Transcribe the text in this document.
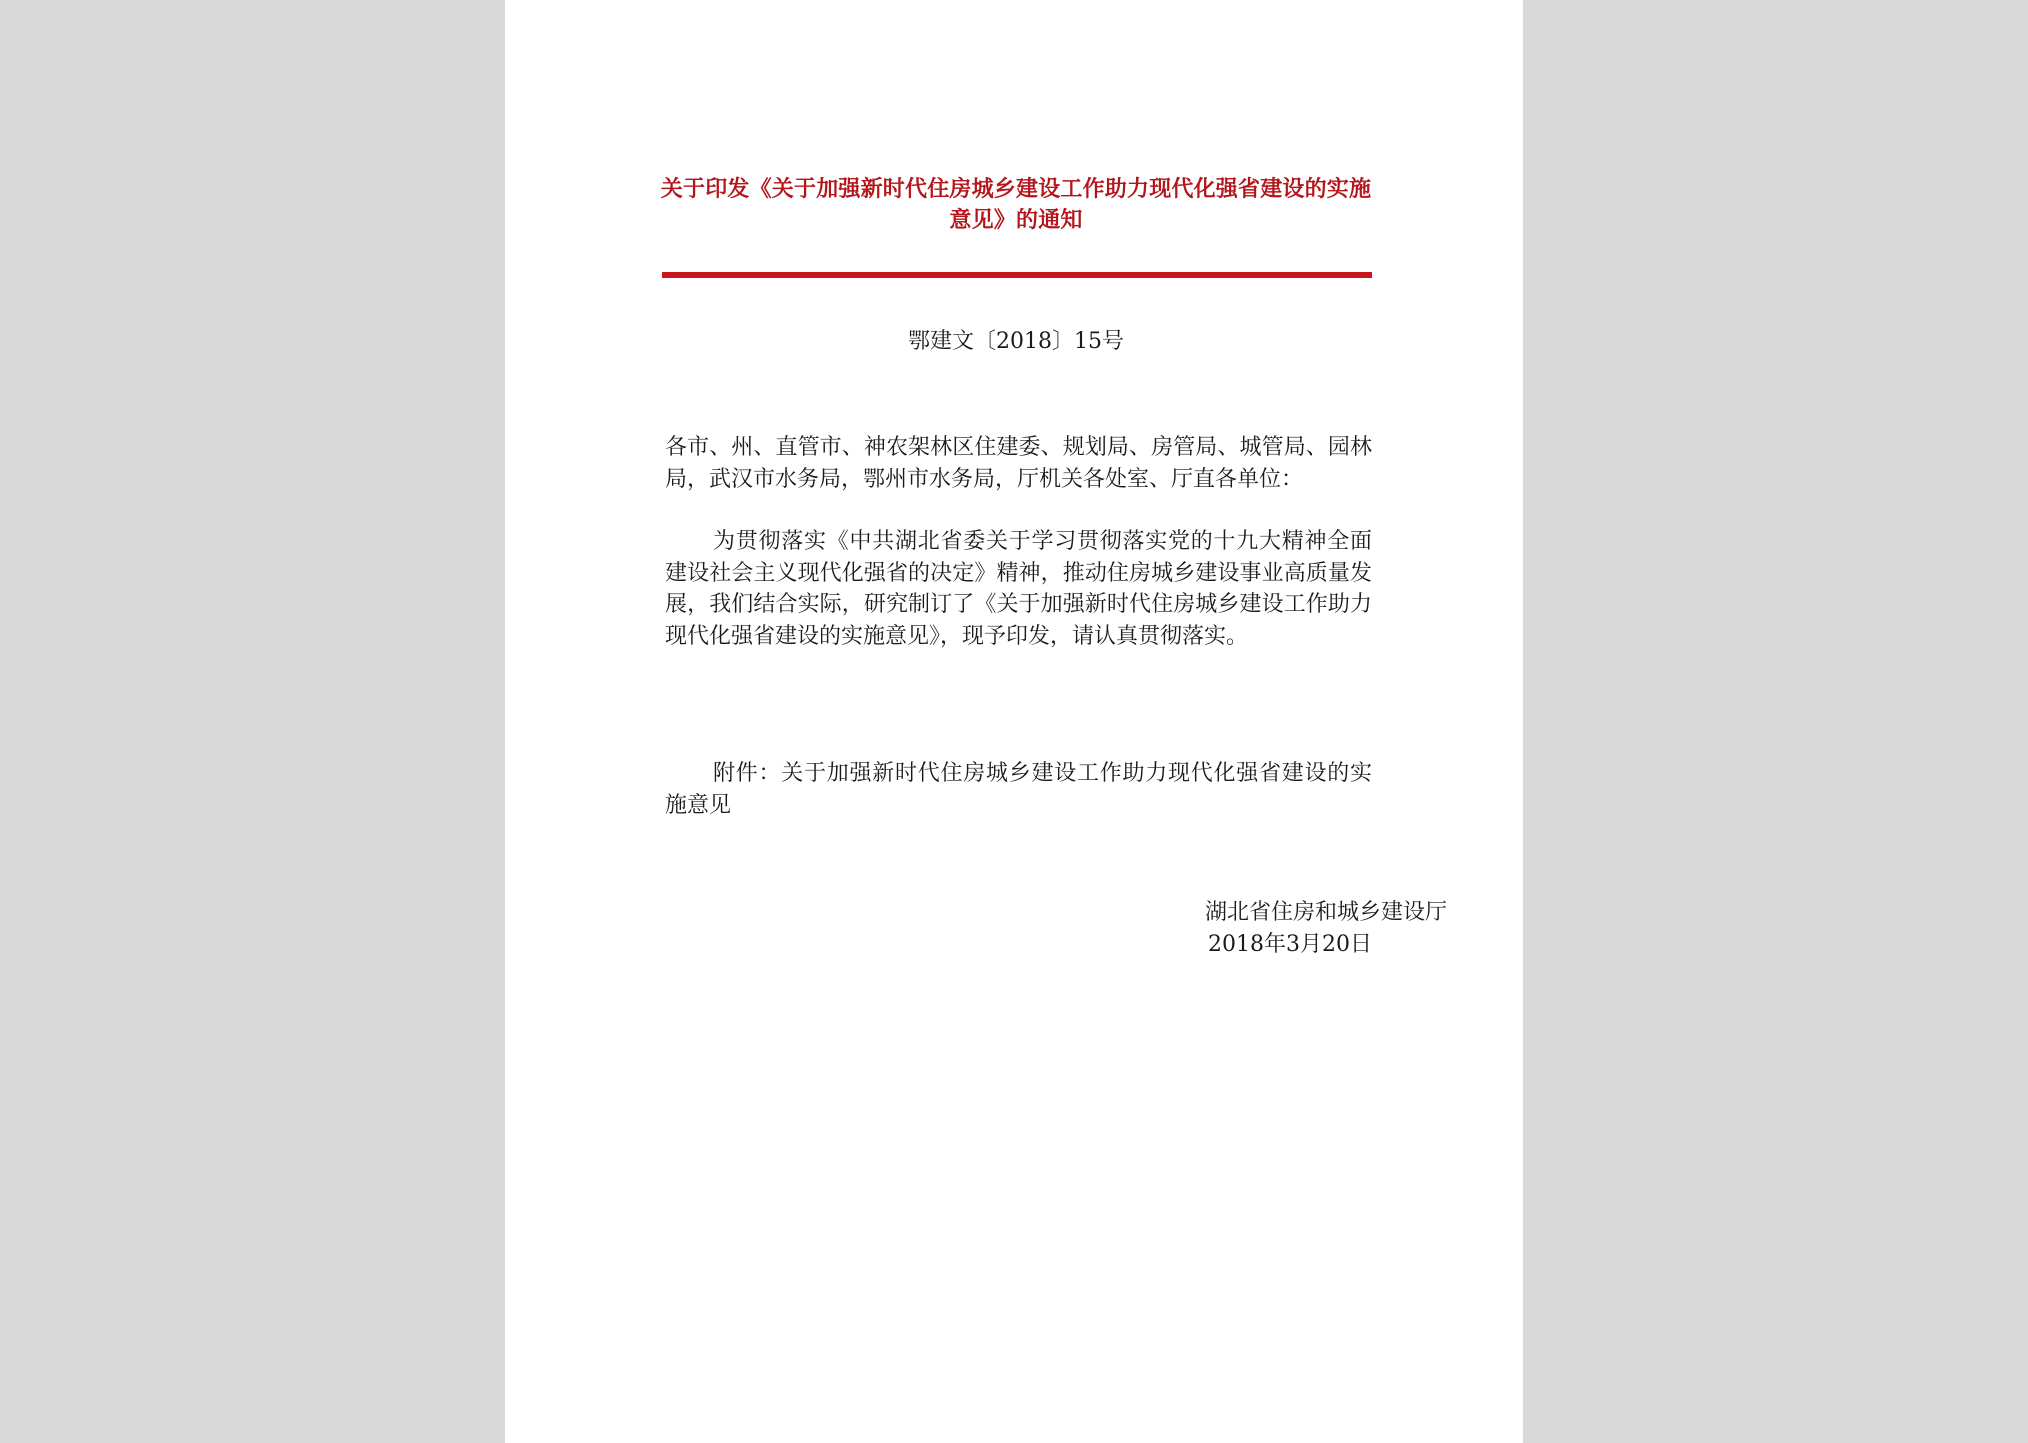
关于印发《关于加强新时代住房城乡建设工作助力现代化强省建设的实施意见》的通知
鄂建文〔2018〕15号
各市、州、直管市、神农架林区住建委、规划局、房管局、城管局、园林局，武汉市水务局，鄂州市水务局，厅机关各处室、厅直各单位：
为贯彻落实《中共湖北省委关于学习贯彻落实党的十九大精神全面建设社会主义现代化强省的决定》精神，推动住房城乡建设事业高质量发展，我们结合实际，研究制订了《关于加强新时代住房城乡建设工作助力现代化强省建设的实施意见》，现予印发，请认真贯彻落实。
附件：关于加强新时代住房城乡建设工作助力现代化强省建设的实施意见
湖北省住房和城乡建设厅
2018年3月20日
